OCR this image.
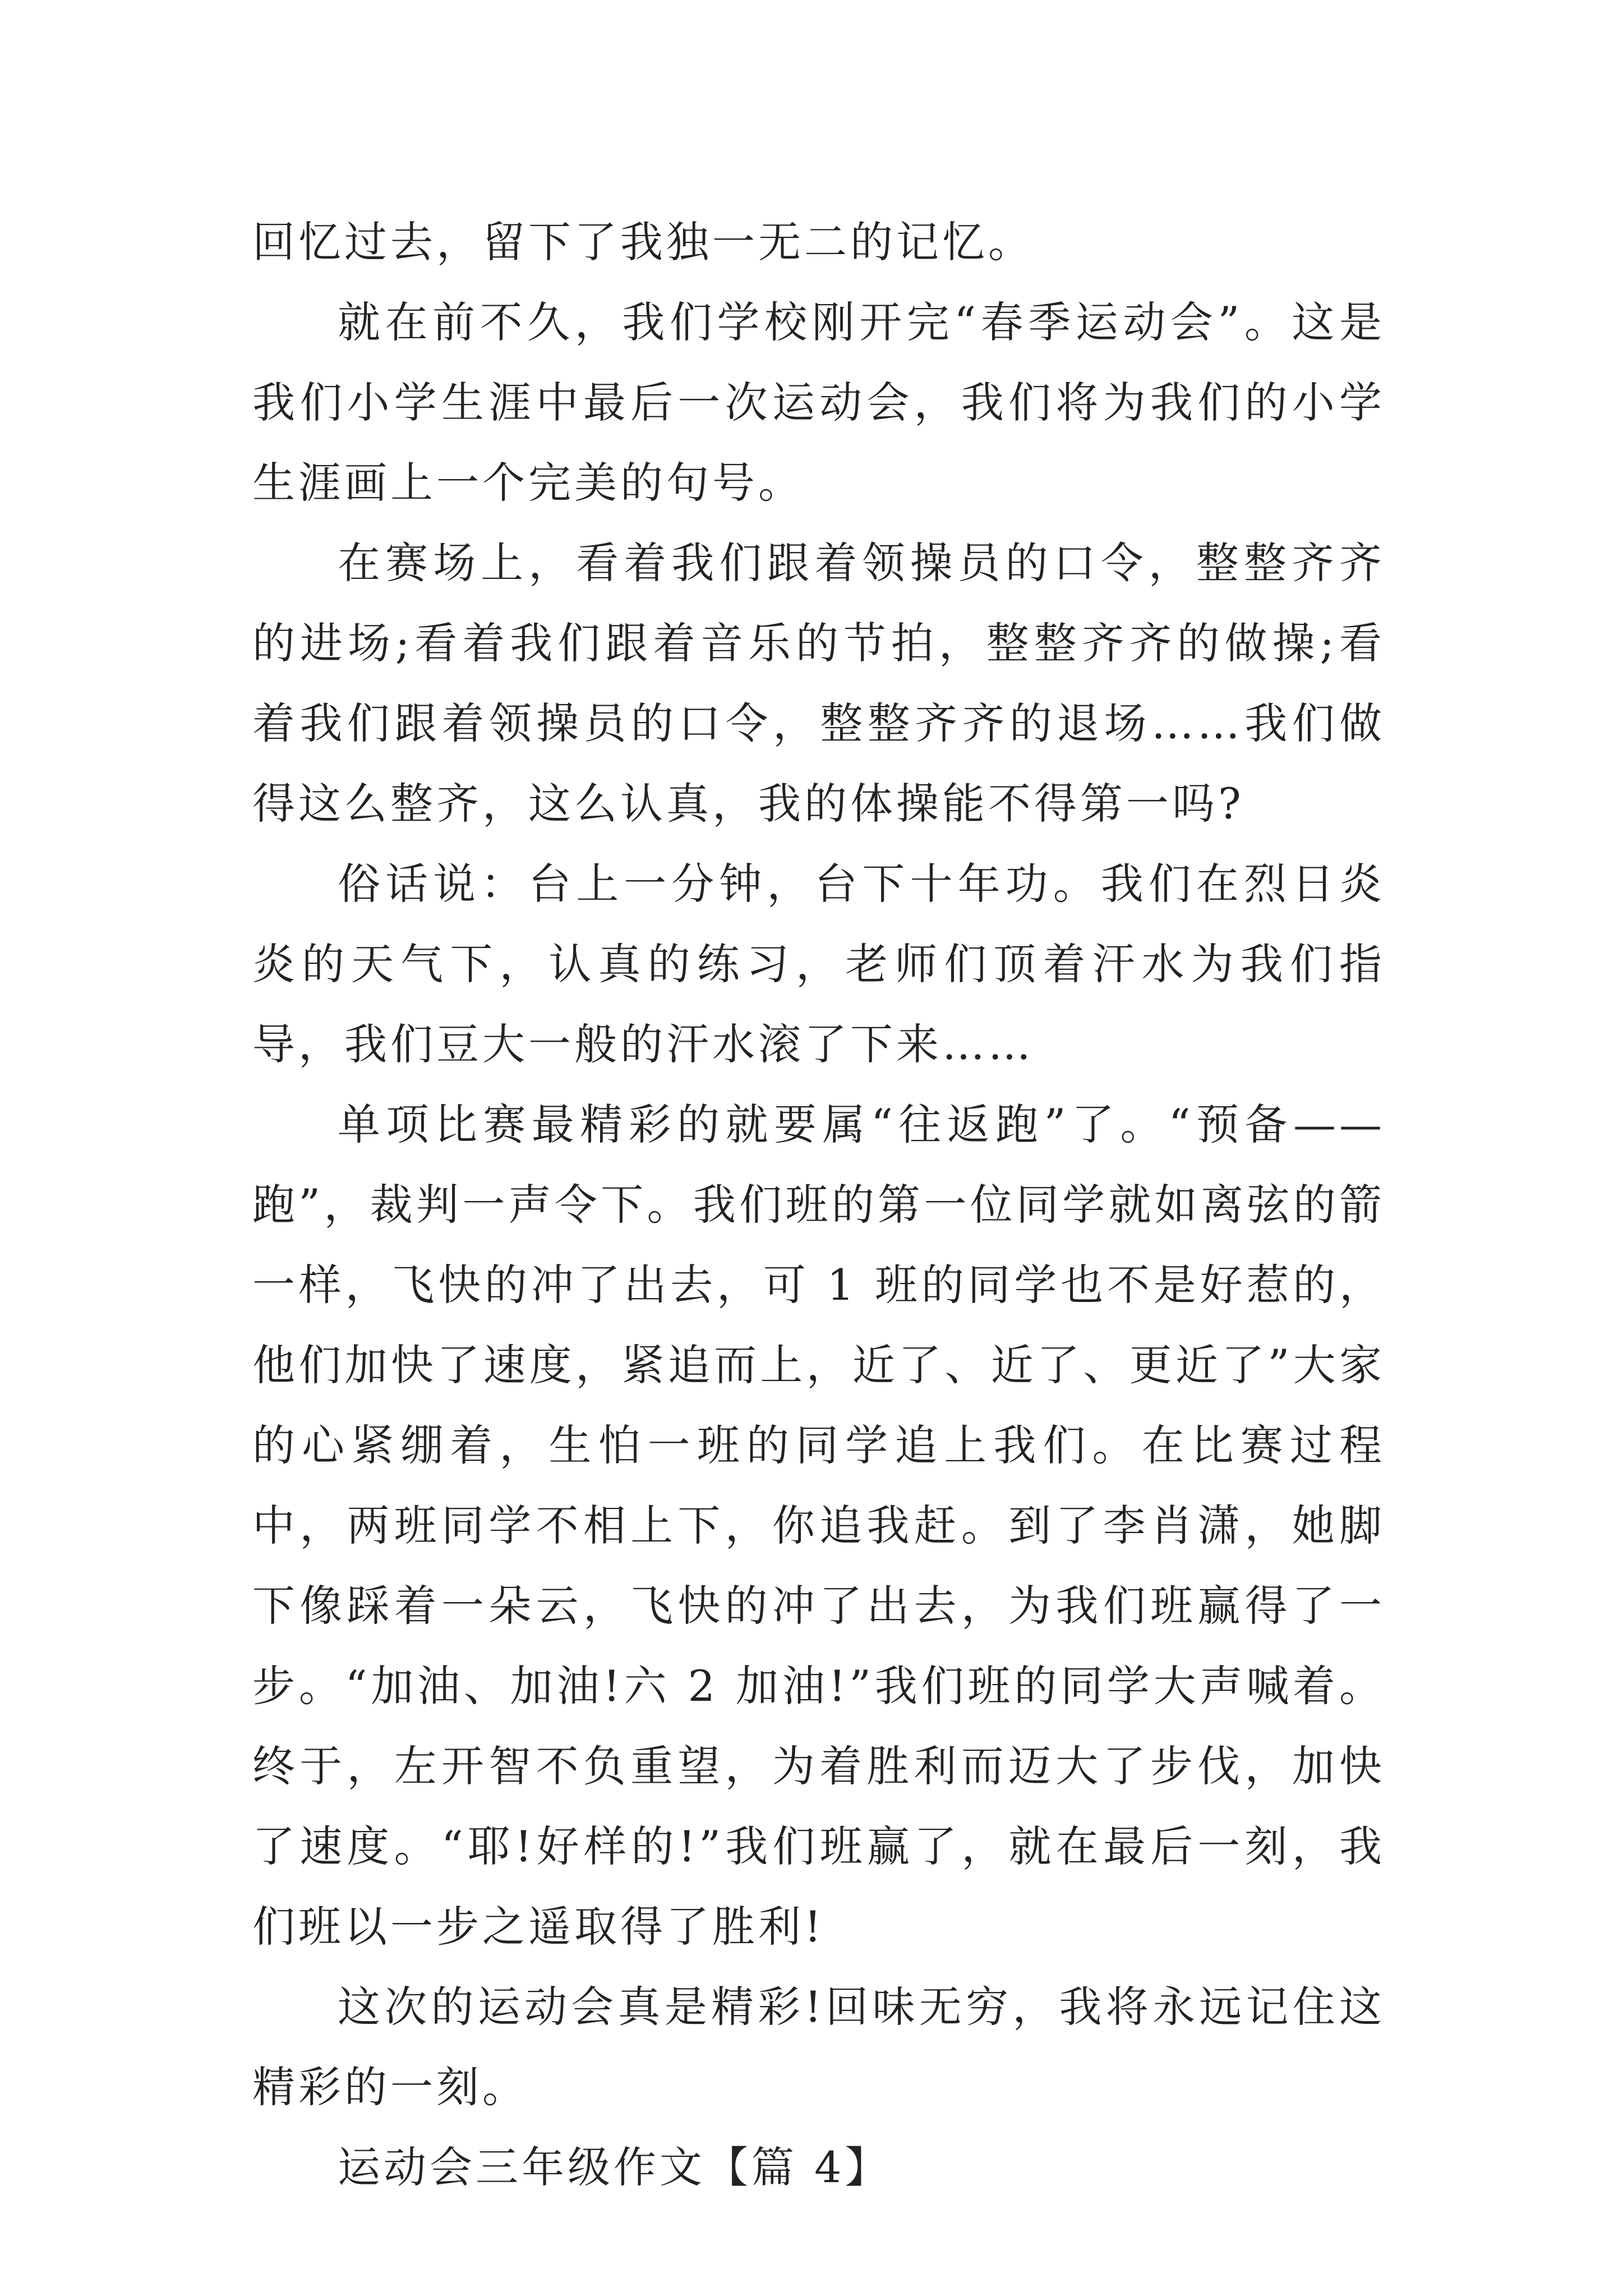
回忆过去，留下了我独一无二的记忆。

就在前不久，我们学校刚开完“春季运动会”。这是我们小学生涯中最后一次运动会，我们将为我们的小学生涯画上一个完美的句号。

在赛场上，看着我们跟着领操员的口令，整整齐齐的进场;看着我们跟着音乐的节拍，整整齐齐的做操;看着我们跟着领操员的口令，整整齐齐的退场……我们做得这么整齐，这么认真，我的体操能不得第一吗?

俗话说：台上一分钟，台下十年功。我们在烈日炎炎的天气下，认真的练习，老师们顶着汗水为我们指导，我们豆大一般的汗水滚了下来……

单项比赛最精彩的就要属“往返跑”了。“预备——跑”，裁判一声令下。我们班的第一位同学就如离弦的箭一样，飞快的冲了出去，可 1 班的同学也不是好惹的，他们加快了速度，紧追而上，近了、近了、更近了”大家的心紧绷着，生怕一班的同学追上我们。在比赛过程中，两班同学不相上下，你追我赶。到了李肖潇，她脚下像踩着一朵云，飞快的冲了出去，为我们班赢得了一步。“加油、加油!六 2 加油!”我们班的同学大声喊着。终于，左开智不负重望，为着胜利而迈大了步伐，加快了速度。“耶!好样的!”我们班赢了，就在最后一刻，我们班以一步之遥取得了胜利!

这次的运动会真是精彩!回味无穷，我将永远记住这精彩的一刻。

运动会三年级作文【篇 4】
